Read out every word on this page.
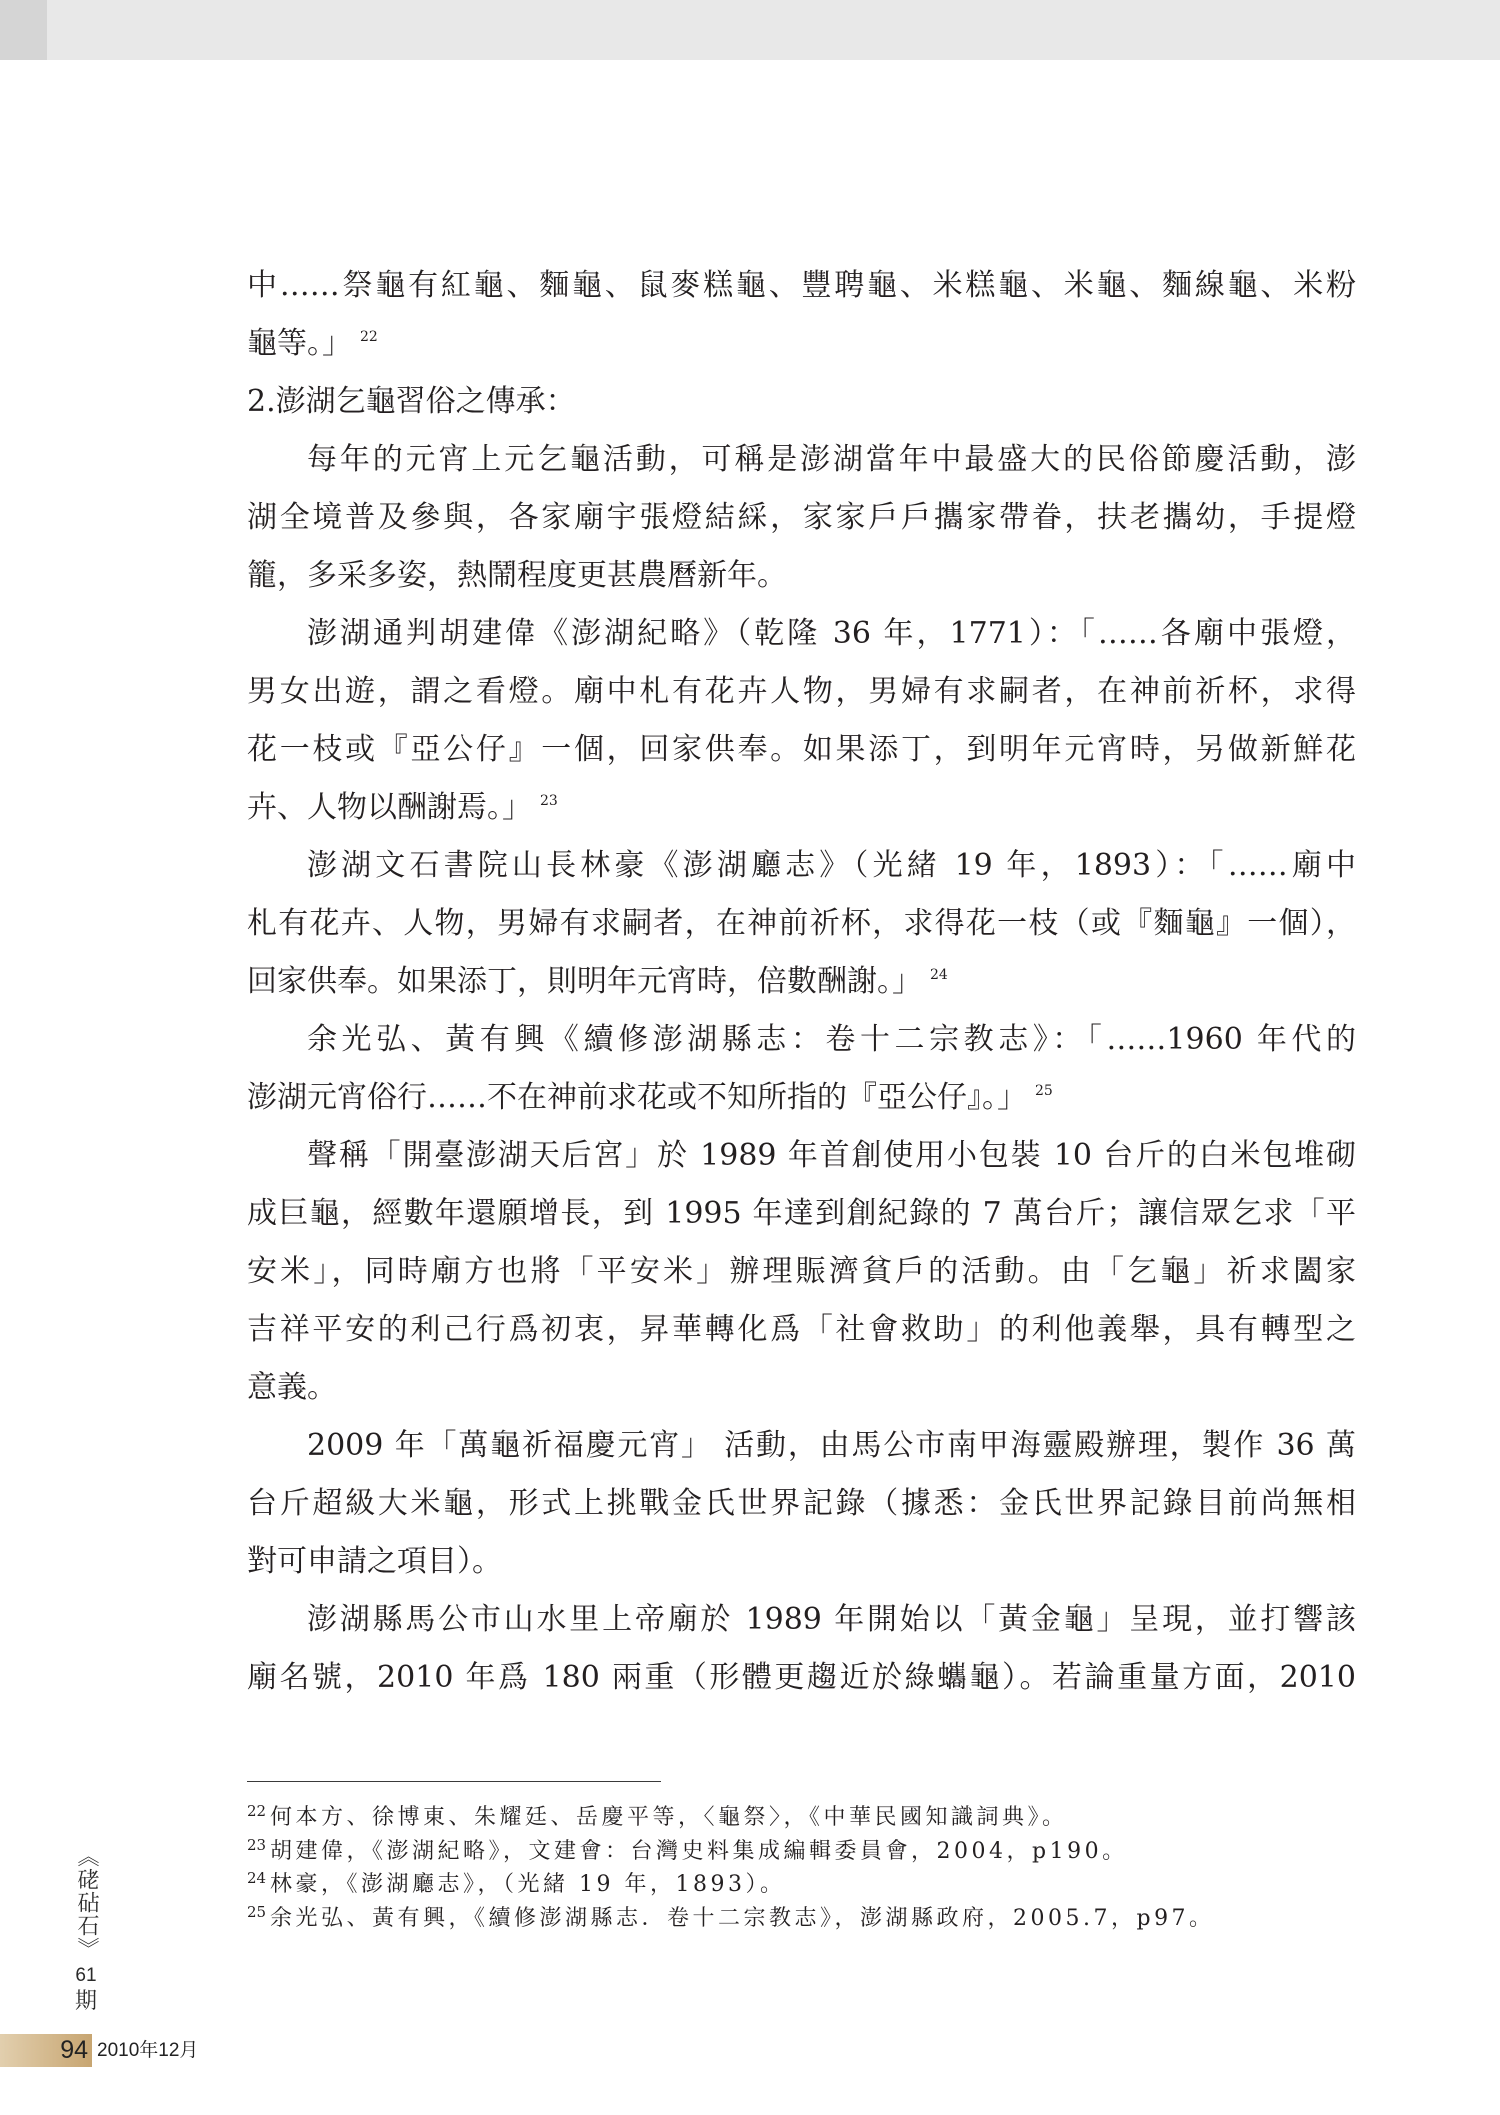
中……祭龜有紅龜、麵龜、鼠麥糕龜、豐聘龜、米糕龜、米龜、麵線龜、米粉
龜等。」 $^{22}$
2.澎湖乞龜習俗之傳承：
每年的元宵上元乞龜活動，可稱是澎湖當年中最盛大的民俗節慶活動，澎
湖全境普及參與，各家廟宇張燈結綵，家家戶戶攜家帶眷，扶老攜幼，手提燈
籠，多采多姿，熱鬧程度更甚農曆新年。
澎湖通判胡建偉《澎湖紀略》（乾隆 36 年，1771）：「……各廟中張燈，
男女出遊，謂之看燈。廟中札有花卉人物，男婦有求嗣者，在神前祈杯，求得
花一枝或『亞公仔』一個，回家供奉。如果添丁，到明年元宵時，另做新鮮花
卉、人物以酬謝焉。」 $^{23}$
澎湖文石書院山長林豪《澎湖廳志》（光緒 19 年，1893）：「……廟中
札有花卉、人物，男婦有求嗣者，在神前祈杯，求得花一枝（或『麵龜』一個），
回家供奉。如果添丁，則明年元宵時，倍數酬謝。」 $^{24}$
余光弘、黃有興《續修澎湖縣志：卷十二宗教志》：「……1960 年代的
澎湖元宵俗行……不在神前求花或不知所指的『亞公仔』。」 $^{25}$
聲稱「開臺澎湖天后宮」於 1989 年首創使用小包裝 10 台斤的白米包堆砌
成巨龜，經數年還願增長，到 1995 年達到創紀錄的 7 萬台斤；讓信眾乞求「平
安米」，同時廟方也將「平安米」辦理賑濟貧戶的活動。由「乞龜」祈求闔家
吉祥平安的利己行爲初衷，昇華轉化爲「社會救助」的利他義舉，具有轉型之
意義。
2009 年「萬龜祈福慶元宵」 活動，由馬公市南甲海靈殿辦理，製作 36 萬
台斤超級大米龜，形式上挑戰金氏世界記錄（據悉：金氏世界記錄目前尚無相
對可申請之項目）。
澎湖縣馬公市山水里上帝廟於 1989 年開始以「黃金龜」呈現，並打響該
廟名號，2010 年爲 180 兩重（形體更趨近於綠蠵龜）。若論重量方面，2010
22 何本方、徐博東、朱耀廷、岳慶平等，〈龜祭〉，《中華民國知識詞典》。
23 胡建偉，《澎湖紀略》，文建會：台灣史料集成編輯委員會，2004，p190。
24 林豪，《澎湖廳志》，（光緒 19 年，1893）。
25 余光弘、黃有興，《續修澎湖縣志．卷十二宗教志》，澎湖縣政府，2005.7，p97。
《硓砧石》
61
期
94 2010年12月
